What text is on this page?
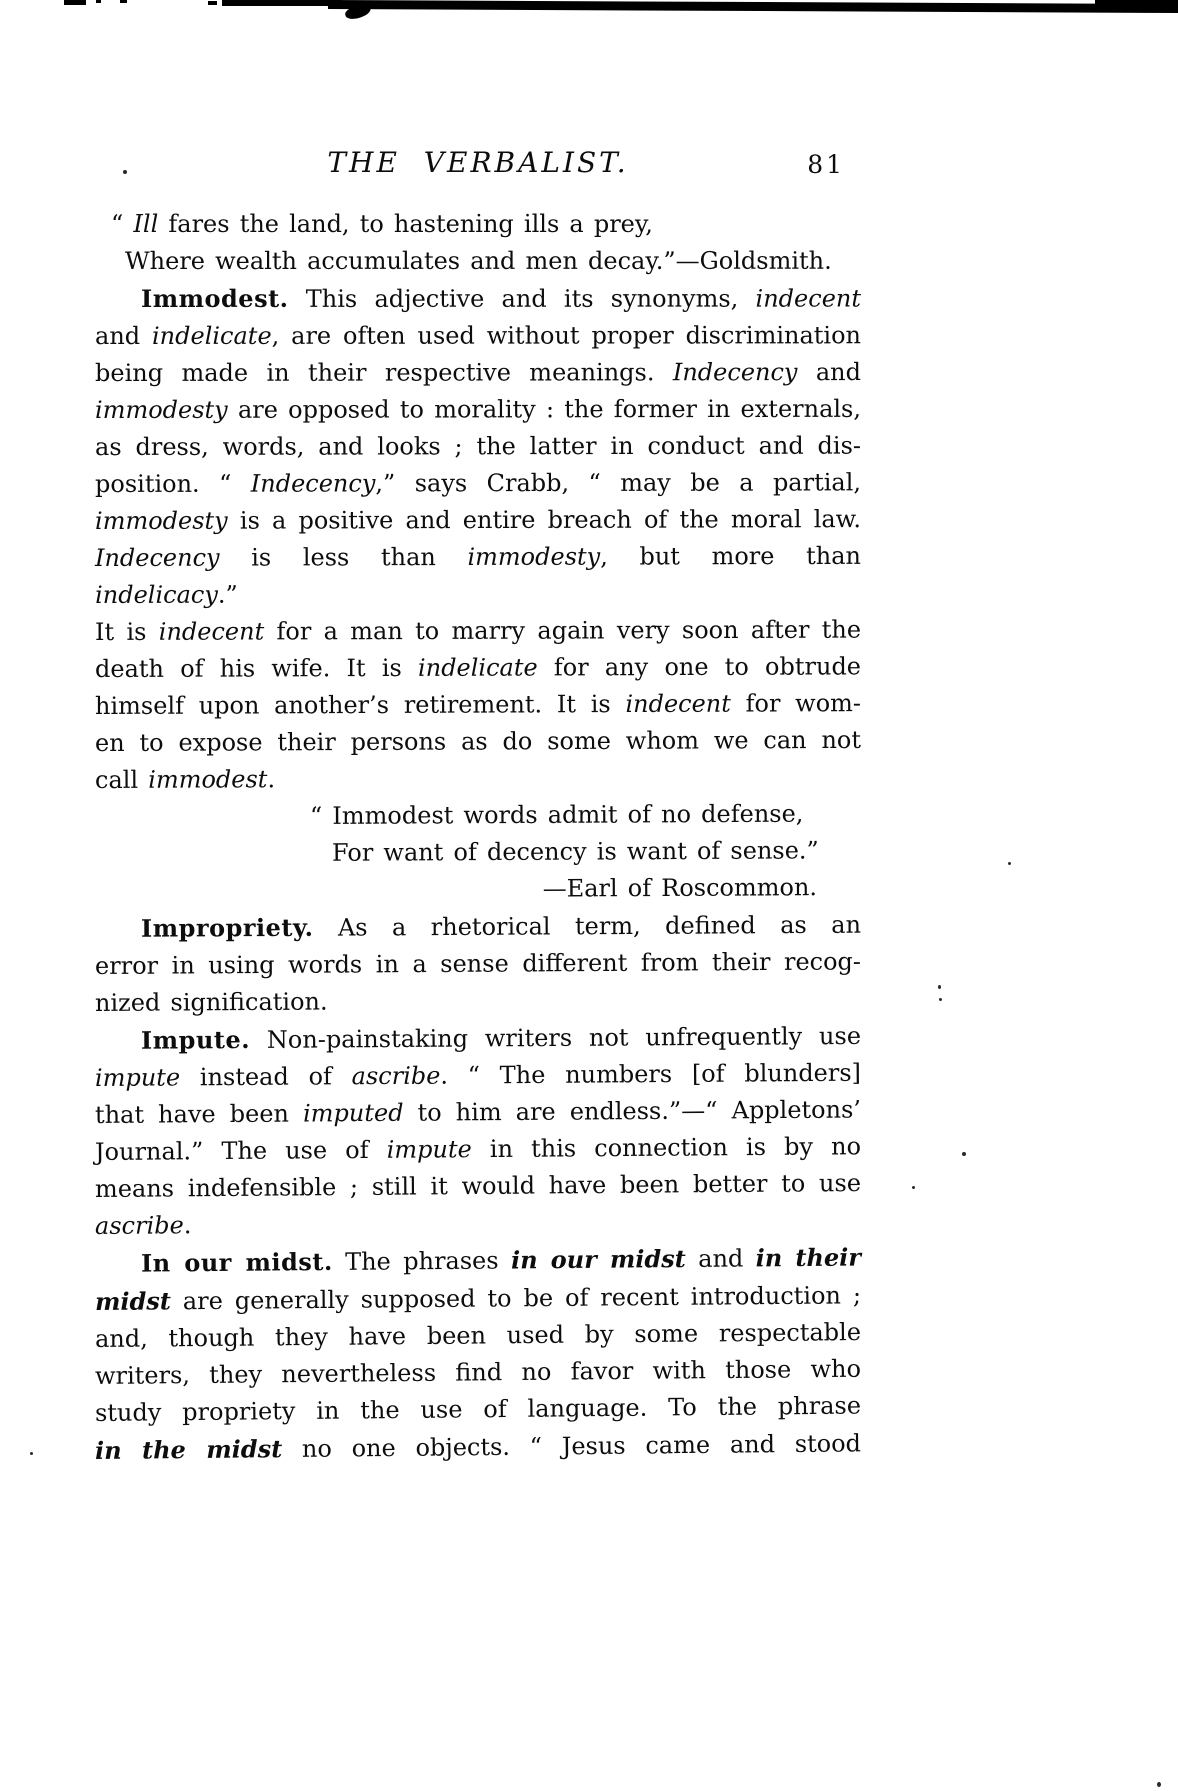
THE VERBALIST.	81
“ Ill fares the land, to hastening ills a prey,
Where wealth accumulates and men decay.”—Goldsmith.
Immodest. This adjective and its synonyms, indecent
and indelicate, are often used without proper discrimination
being made in their respective meanings. Indecency and
immodesty are opposed to morality : the former in externals,
as dress, words, and looks ; the latter in conduct and dis-
position. “ Indecency,” says Crabb, “ may be a partial,
immodesty is a positive and entire breach of the moral law.
Indecency is less than immodesty, but more than indelicacy.”
It is indecent for a man to marry again very soon after the
death of his wife. It is indelicate for any one to obtrude
himself upon another’s retirement. It is indecent for wom-
en to expose their persons as do some whom we can not
call immodest.
“ Immodest words admit of no defense,
For want of decency is want of sense.”
—Earl of Roscommon.
Impropriety. As a rhetorical term, defined as an
error in using words in a sense different from their recog-
nized signification.
Impute. Non-painstaking writers not unfrequently use
impute instead of ascribe. “ The numbers [of blunders]
that have been imputed to him are endless.”—“ Appletons’
Journal.” The use of impute in this connection is by no
means indefensible ; still it would have been better to use
ascribe.
In our midst. The phrases in our midst and in their
midst are generally supposed to be of recent introduction ;
and, though they have been used by some respectable
writers, they nevertheless find no favor with those who
study propriety in the use of language. To the phrase
in the midst no one objects. “ Jesus came and stood
